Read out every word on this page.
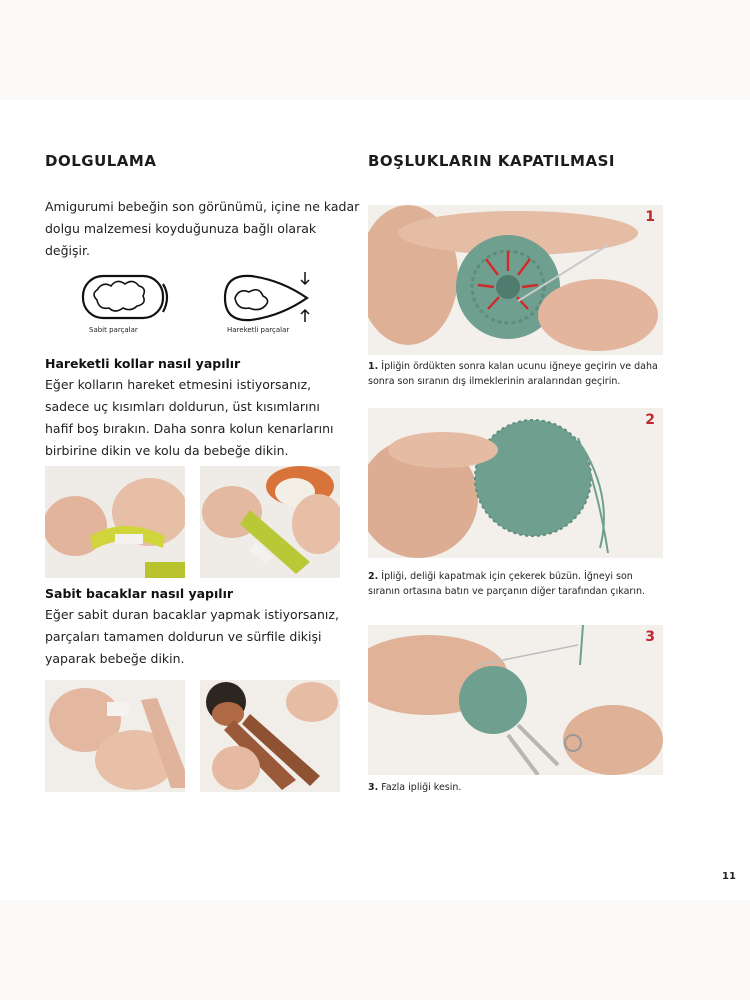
DOLGULAMA
Amigurumi bebeğin son görünümü, içine ne kadar dolgu malzemesi koyduğunuza bağlı olarak değişir.
Sabit parçalar	Hareketli parçalar
Hareketli kollar nasıl yapılır
Eğer kolların hareket etmesini istiyorsanız, sadece uç kısımları doldurun, üst kısımlarını hafif boş bırakın. Daha sonra kolun kenarlarını birbirine dikin ve kolu da bebeğe dikin.
Sabit bacaklar nasıl yapılır
Eğer sabit duran bacaklar yapmak istiyorsanız, parçaları tamamen doldurun ve sürfile dikişi yaparak bebeğe dikin.
BOŞLUKLARIN KAPATILMASI
1
1. İpliğin ördükten sonra kalan ucunu iğneye geçirin ve daha sonra son sıranın dış ilmeklerinin aralarından geçirin.
2
2. İpliği, deliği kapatmak için çekerek büzün. İğneyi son sıranın ortasına batın ve parçanın diğer tarafından çıkarın.
3
3. Fazla ipliği kesin.
11
